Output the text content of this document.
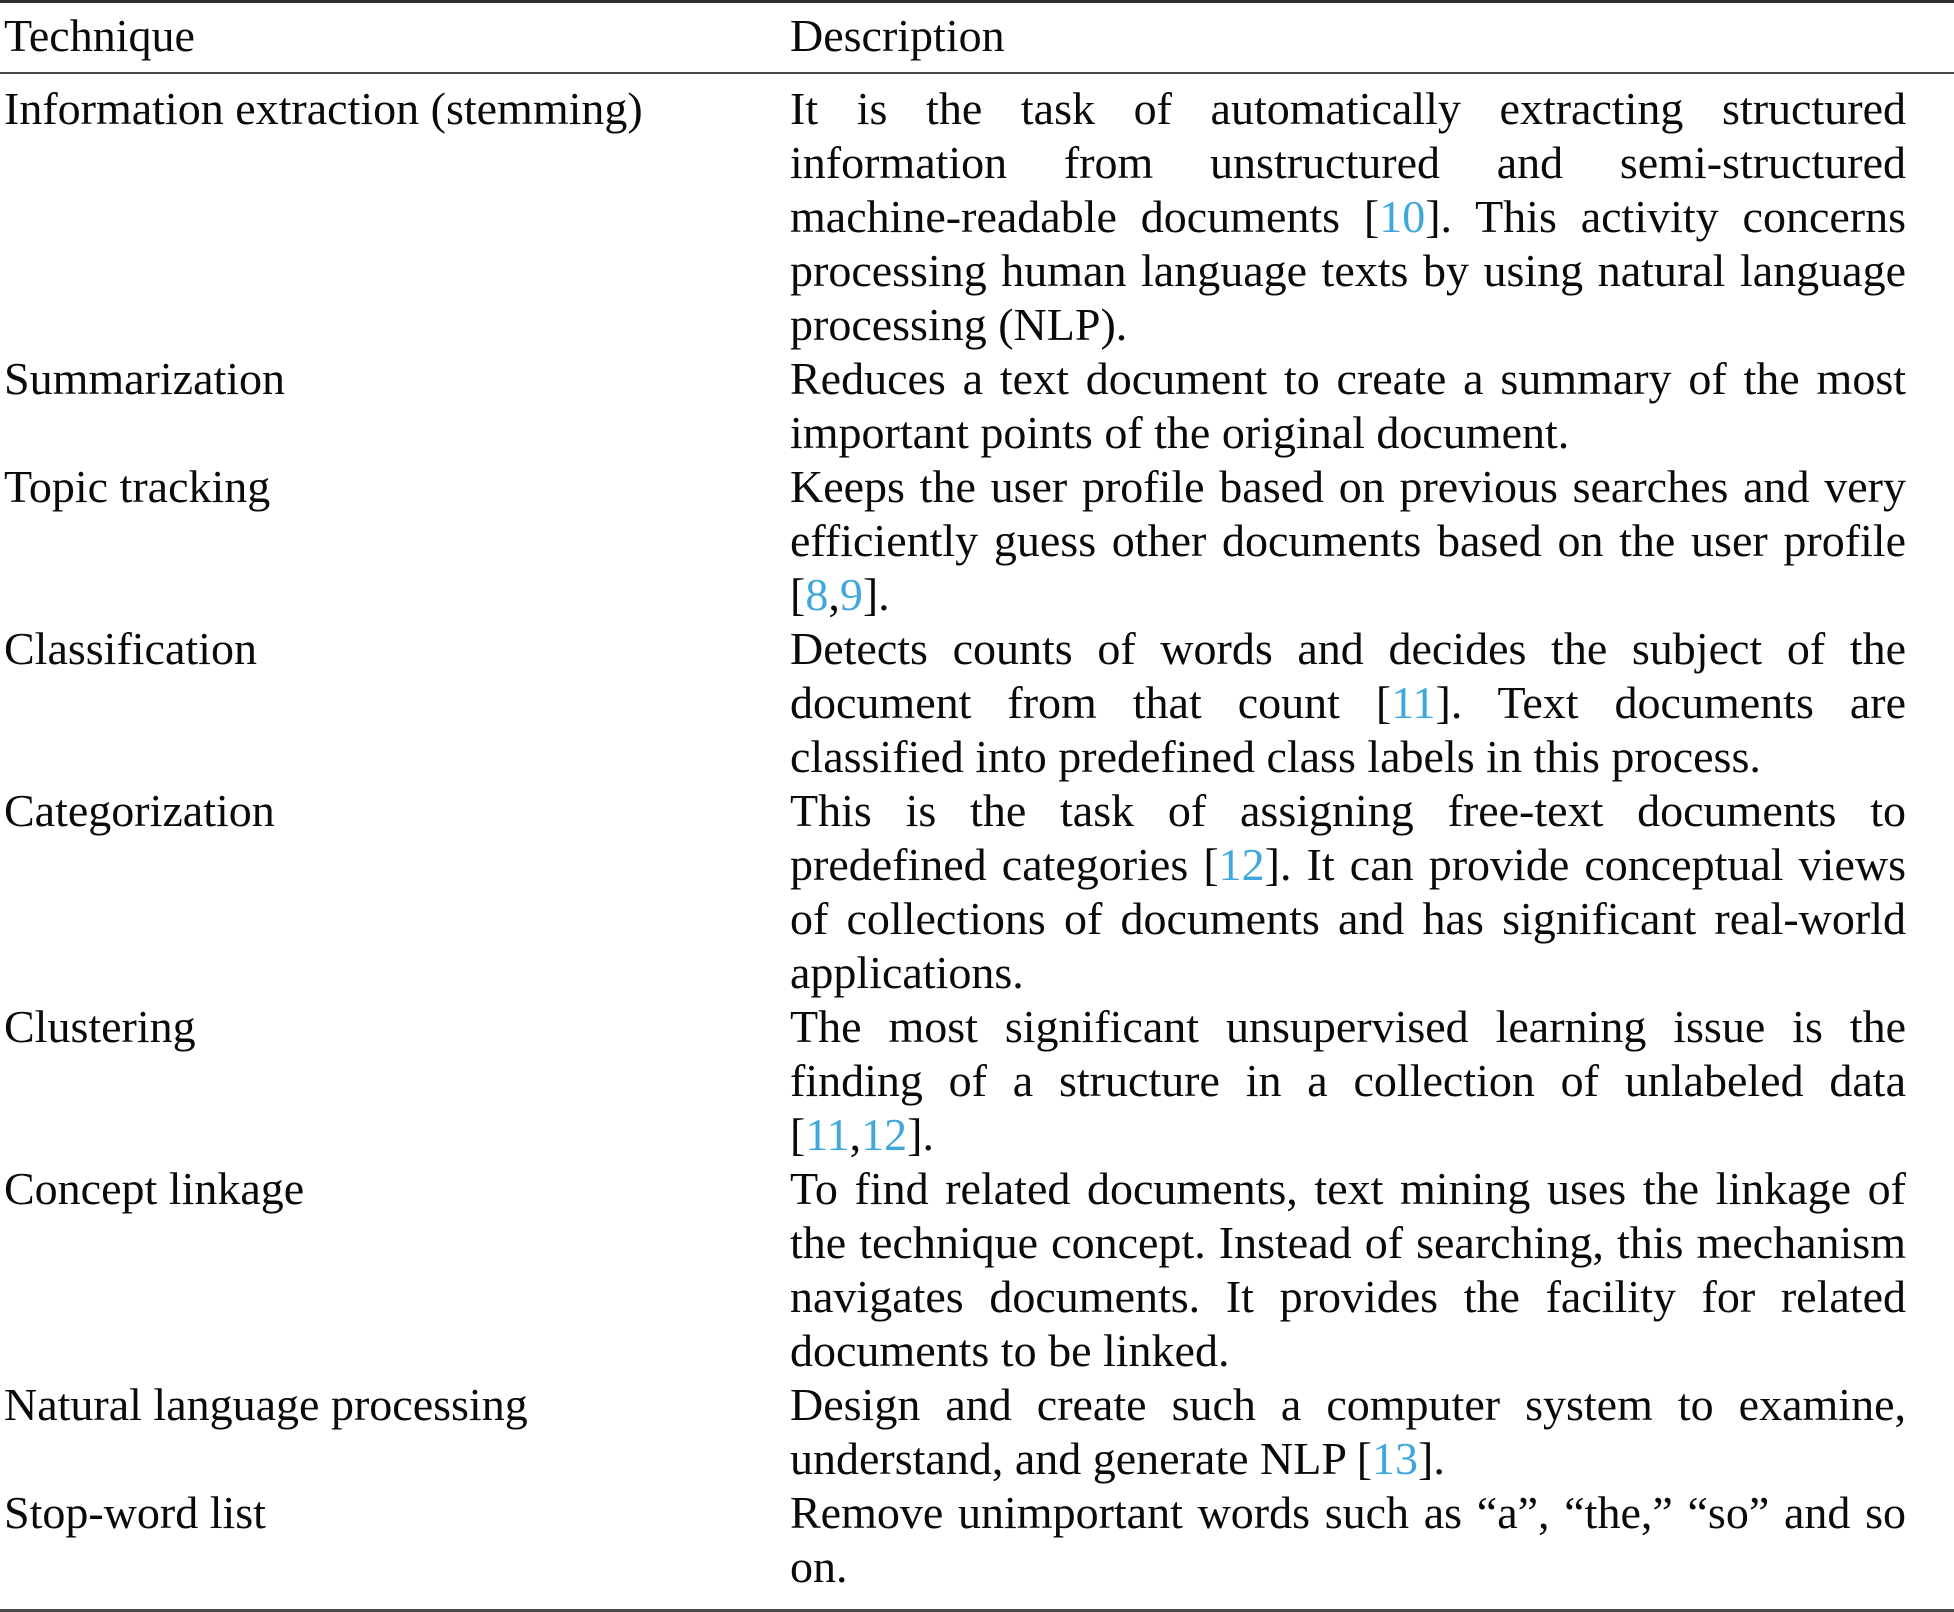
Technique	Description
Information extraction (stemming)	It is the task of automatically extracting structured information from unstructured and semi-structured machine-readable documents [10]. This activity concerns processing human language texts by using natural language processing (NLP).
Summarization	Reduces a text document to create a summary of the most important points of the original document.
Topic tracking	Keeps the user profile based on previous searches and very efficiently guess other documents based on the user profile [8,9].
Classification	Detects counts of words and decides the subject of the document from that count [11]. Text documents are classified into predefined class labels in this process.
Categorization	This is the task of assigning free-text documents to predefined categories [12]. It can provide conceptual views of collections of documents and has significant real-world applications.
Clustering	The most significant unsupervised learning issue is the finding of a structure in a collection of unlabeled data [11,12].
Concept linkage	To find related documents, text mining uses the linkage of the technique concept. Instead of searching, this mechanism navigates documents. It provides the facility for related documents to be linked.
Natural language processing	Design and create such a computer system to examine, understand, and generate NLP [13].
Stop-word list	Remove unimportant words such as “a”, “the,” “so” and so on.
